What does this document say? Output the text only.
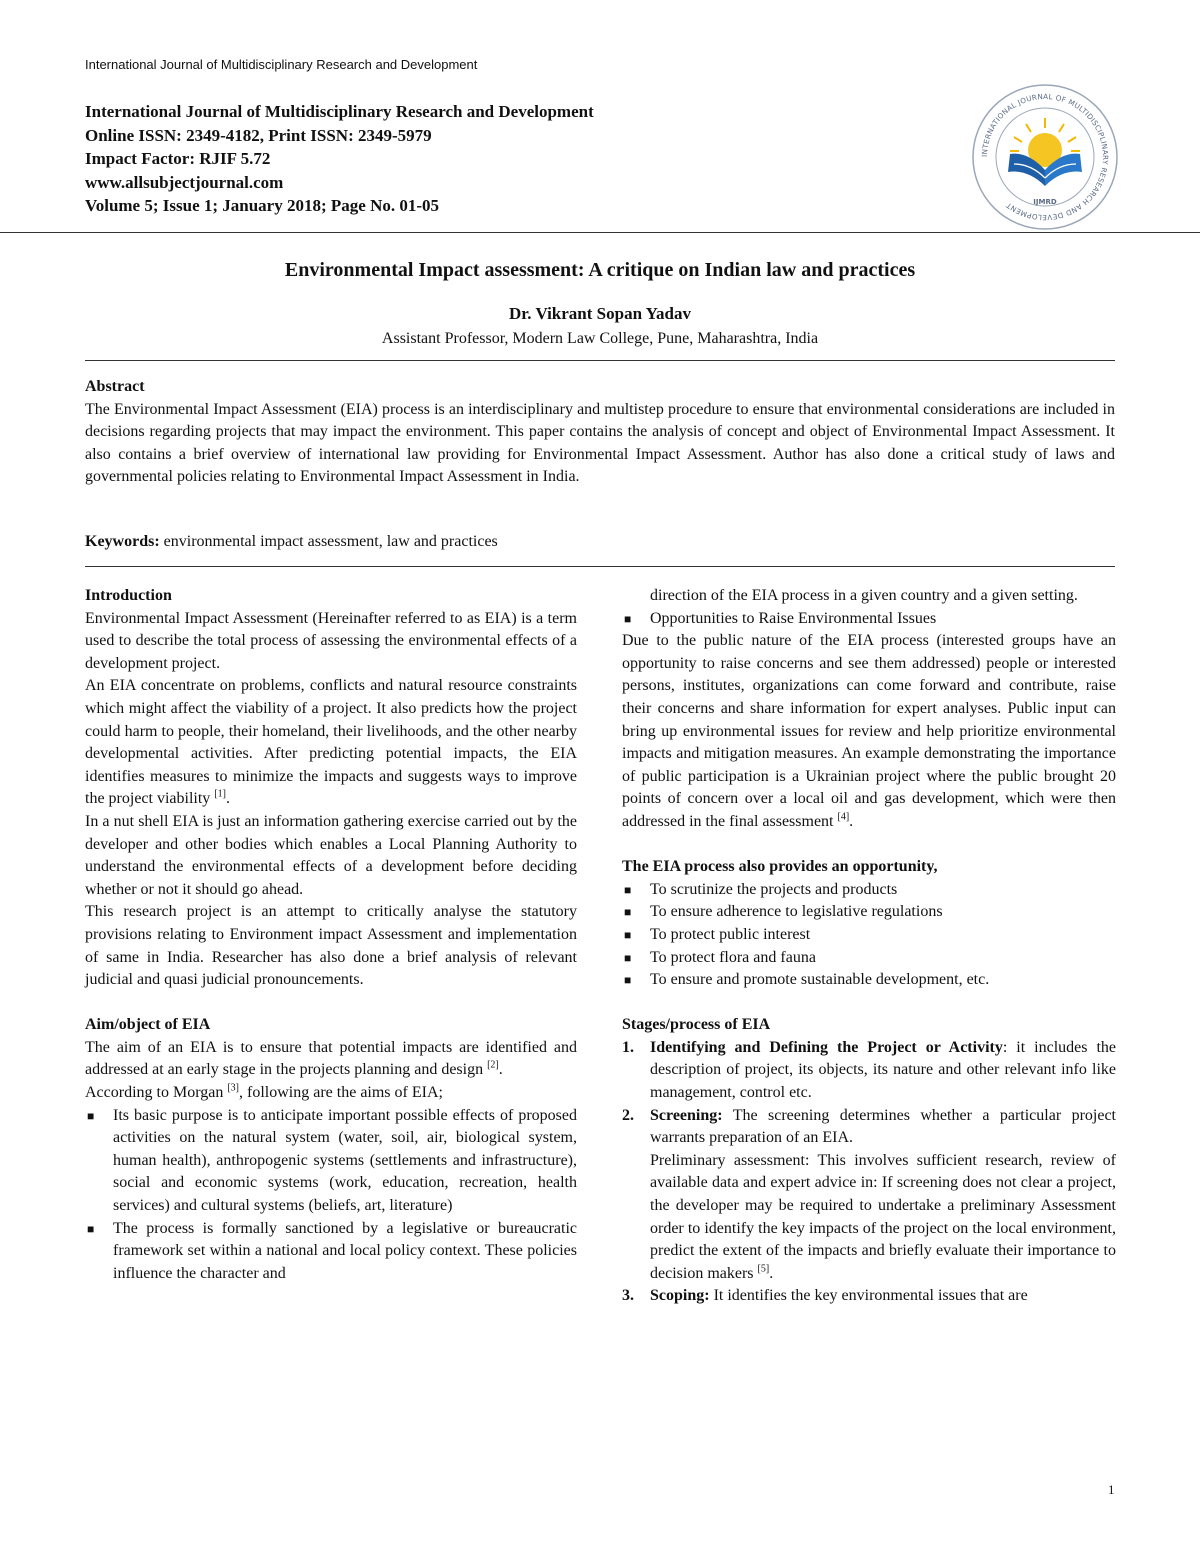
International Journal of Multidisciplinary Research and Development
International Journal of Multidisciplinary Research and Development
Online ISSN: 2349-4182, Print ISSN: 2349-5979
Impact Factor: RJIF 5.72
www.allsubjectjournal.com
Volume 5; Issue 1; January 2018; Page No. 01-05
INTERNATIONAL JOURNAL OF MULTIDISCIPLINARY RESEARCH AND DEVELOPMENT	IJMRD
Environmental Impact assessment: A critique on Indian law and practices
Dr. Vikrant Sopan Yadav
Assistant Professor, Modern Law College, Pune, Maharashtra, India
Abstract

The Environmental Impact Assessment (EIA) process is an interdisciplinary and multistep procedure to ensure that environmental considerations are included in decisions regarding projects that may impact the environment. This paper contains the analysis of concept and object of Environmental Impact Assessment. It also contains a brief overview of international law providing for Environmental Impact Assessment. Author has also done a critical study of laws and governmental policies relating to Environmental Impact Assessment in India.

Keywords: environmental impact assessment, law and practices
Introduction

Environmental Impact Assessment (Hereinafter referred to as EIA) is a term used to describe the total process of assessing the environmental effects of a development project.

An EIA concentrate on problems, conflicts and natural resource constraints which might affect the viability of a project. It also predicts how the project could harm to people, their homeland, their livelihoods, and the other nearby developmental activities. After predicting potential impacts, the EIA identifies measures to minimize the impacts and suggests ways to improve the project viability [1].

In a nut shell EIA is just an information gathering exercise carried out by the developer and other bodies which enables a Local Planning Authority to understand the environmental effects of a development before deciding whether or not it should go ahead.

This research project is an attempt to critically analyse the statutory provisions relating to Environment impact Assessment and implementation of same in India. Researcher has also done a brief analysis of relevant judicial and quasi judicial pronouncements.

Aim/object of EIA

The aim of an EIA is to ensure that potential impacts are identified and addressed at an early stage in the projects planning and design [2].

According to Morgan [3], following are the aims of EIA;

■ Its basic purpose is to anticipate important possible effects of proposed activities on the natural system (water, soil, air, biological system, human health), anthropogenic systems (settlements and infrastructure), social and economic systems (work, education, recreation, health services) and cultural systems (beliefs, art, literature)
■ The process is formally sanctioned by a legislative or bureaucratic framework set within a national and local policy context. These policies influence the character and
direction of the EIA process in a given country and a given setting.
■ Opportunities to Raise Environmental Issues

Due to the public nature of the EIA process (interested groups have an opportunity to raise concerns and see them addressed) people or interested persons, institutes, organizations can come forward and contribute, raise their concerns and share information for expert analyses. Public input can bring up environmental issues for review and help prioritize environmental impacts and mitigation measures. An example demonstrating the importance of public participation is a Ukrainian project where the public brought 20 points of concern over a local oil and gas development, which were then addressed in the final assessment [4].

The EIA process also provides an opportunity,
■ To scrutinize the projects and products
■ To ensure adherence to legislative regulations
■ To protect public interest
■ To protect flora and fauna
■ To ensure and promote sustainable development, etc.
Stages/process of EIA
1. Identifying and Defining the Project or Activity: it includes the description of project, its objects, its nature and other relevant info like management, control etc.
2. Screening: The screening determines whether a particular project warrants preparation of an EIA.
Preliminary assessment: This involves sufficient research, review of available data and expert advice in: If screening does not clear a project, the developer may be required to undertake a preliminary Assessment order to identify the key impacts of the project on the local environment, predict the extent of the impacts and briefly evaluate their importance to decision makers [5].
3. Scoping: It identifies the key environmental issues that are
1
